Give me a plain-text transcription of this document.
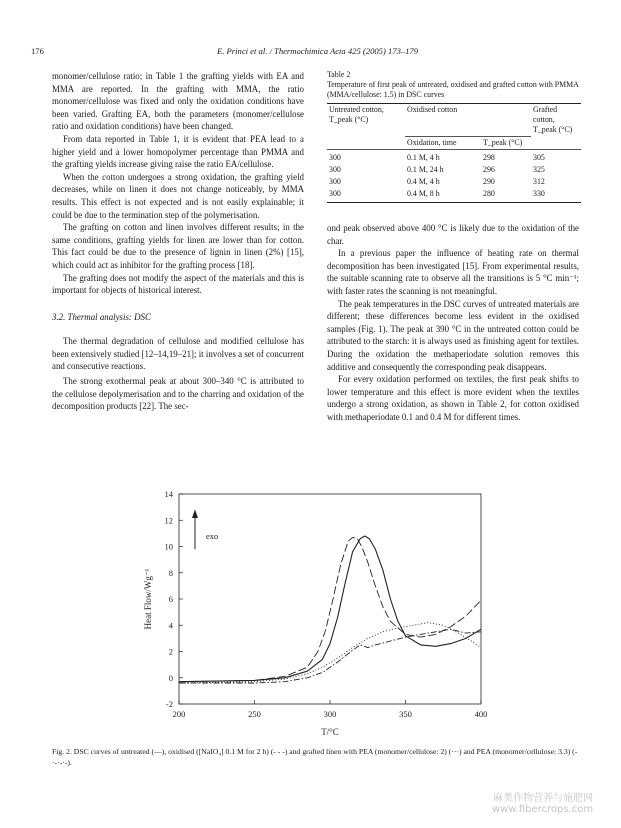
176	E. Princi et al. / Thermochimica Acta 425 (2005) 173–179

monomer/cellulose ratio; in Table 1 the grafting yields with EA and MMA are reported. In the grafting with MMA, the ratio monomer/cellulose was fixed and only the oxidation conditions have been varied. Grafting EA, both the parameters (monomer/cellulose ratio and oxidation conditions) have been changed.

From data reported in Table 1, it is evident that PEA lead to a higher yield and a lower homopolymer percentage than PMMA and the grafting yields increase giving raise the ratio EA/cellulose.

When the cotton undergoes a strong oxidation, the grafting yield decreases, while on linen it does not change noticeably, by MMA results. This effect is not expected and is not easily explainable; it could be due to the termination step of the polymerisation.

The grafting on cotton and linen involves different results; in the same conditions, grafting yields for linen are lower than for cotton. This fact could be due to the presence of lignin in linen (2%) [15], which could act as inhibitor for the grafting process [18].

The grafting does not modify the aspect of the materials and this is important for objects of historical interest.

3.2. Thermal analysis: DSC

The thermal degradation of cellulose and modified cellulose has been extensively studied [12–14,19–21]; it involves a set of concurrent and consecutive reactions.

The strong exothermal peak at about 300–340 °C is attributed to the cellulose depolymerisation and to the charring and oxidation of the decomposition products [22]. The sec-

Table 2

Temperature of first peak of untreated, oxidised and grafted cotton with PMMA (MMA/cellulose: 1.5) in DSC curves

Untreated cotton,
T_peak (°C)	Oxidised cotton		Grafted cotton,
T_peak (°C)
	Oxidation, time	T_peak (°C)	
300	0.1 M, 4 h	298	305
300	0.1 M, 24 h	296	325
300	0.4 M, 4 h	290	312
300	0.4 M, 8 h	280	330

ond peak observed above 400 °C is likely due to the oxidation of the char.

In a previous paper the influence of heating rate on thermal decomposition has been investigated [15]. From experimental results, the suitable scanning rate to observe all the transitions is 5 °C min⁻¹; with faster rates the scanning is not meaningful.

The peak temperatures in the DSC curves of untreated materials are different; these differences become less evident in the oxidised samples (Fig. 1). The peak at 390 °C in the untreated cotton could be attributed to the starch: it is always used as finishing agent for textiles. During the oxidation the methaperiodate solution removes this additive and consequently the corresponding peak disappears.

For every oxidation performed on textiles, the first peak shifts to lower temperature and this effect is more evident when the textiles undergo a strong oxidation, as shown in Table 2, for cotton oxidised with methaperiodate 0.1 and 0.4 M for different times.

200	250	300	350	400
-2
0
2
4
6
8
10
12
14
T/°C
Heat Flow/Wg⁻¹
exo
Fig. 2. DSC curves of untreated (—), oxidised ([NaIO₄] 0.1 M for 2 h) (- - -) and grafted linen with PEA (monomer/cellulose: 2) (···) and PEA (monomer/cellulose: 3.3) (-·-·-·-).
麻类作物营养与施肥网
www.fibercrops.com
